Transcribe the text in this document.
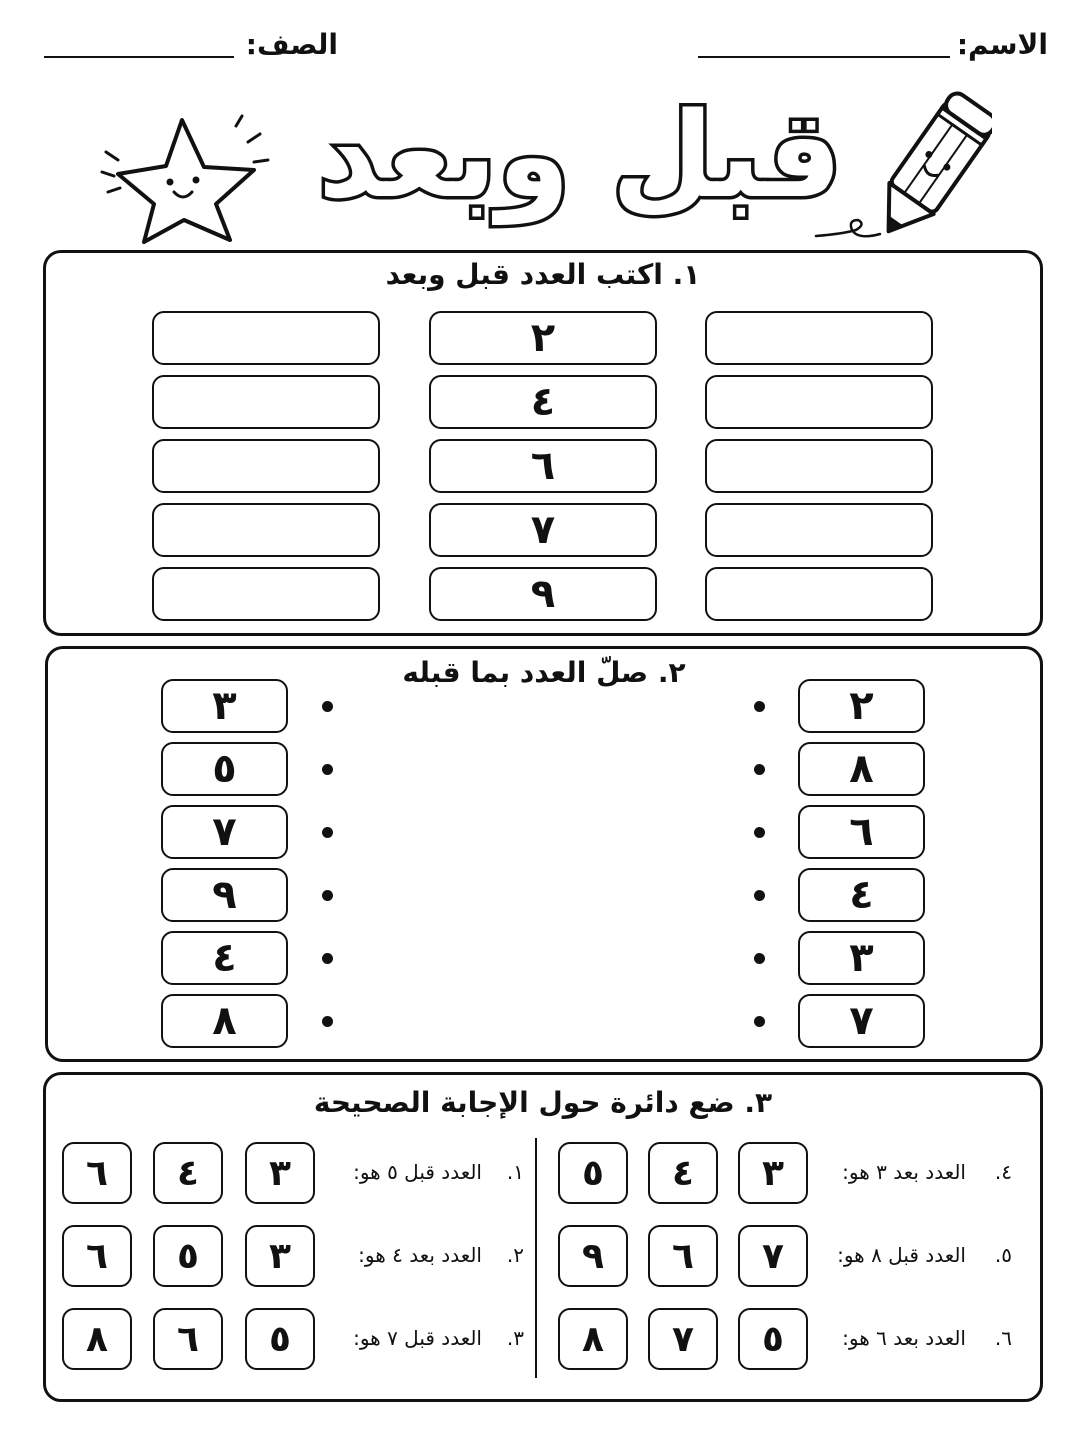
الاسم:
الصف:
قبل وبعد
١. اكتب العدد قبل وبعد
٢
٤
٦
٧
٩
٢. صلّ العدد بما قبله
٣
٥
٧
٩
٤
٨
٢
٨
٦
٤
٣
٧
٣. ضع دائرة حول الإجابة الصحيحة
١.
العدد قبل ٥ هو:
٣
٤
٦
٢.
العدد بعد ٤ هو:
٣
٥
٦
٣.
العدد قبل ٧ هو:
٥
٦
٨
٤.
العدد بعد ٣ هو:
٣
٤
٥
٥.
العدد قبل ٨ هو:
٧
٦
٩
٦.
العدد بعد ٦ هو:
٥
٧
٨
